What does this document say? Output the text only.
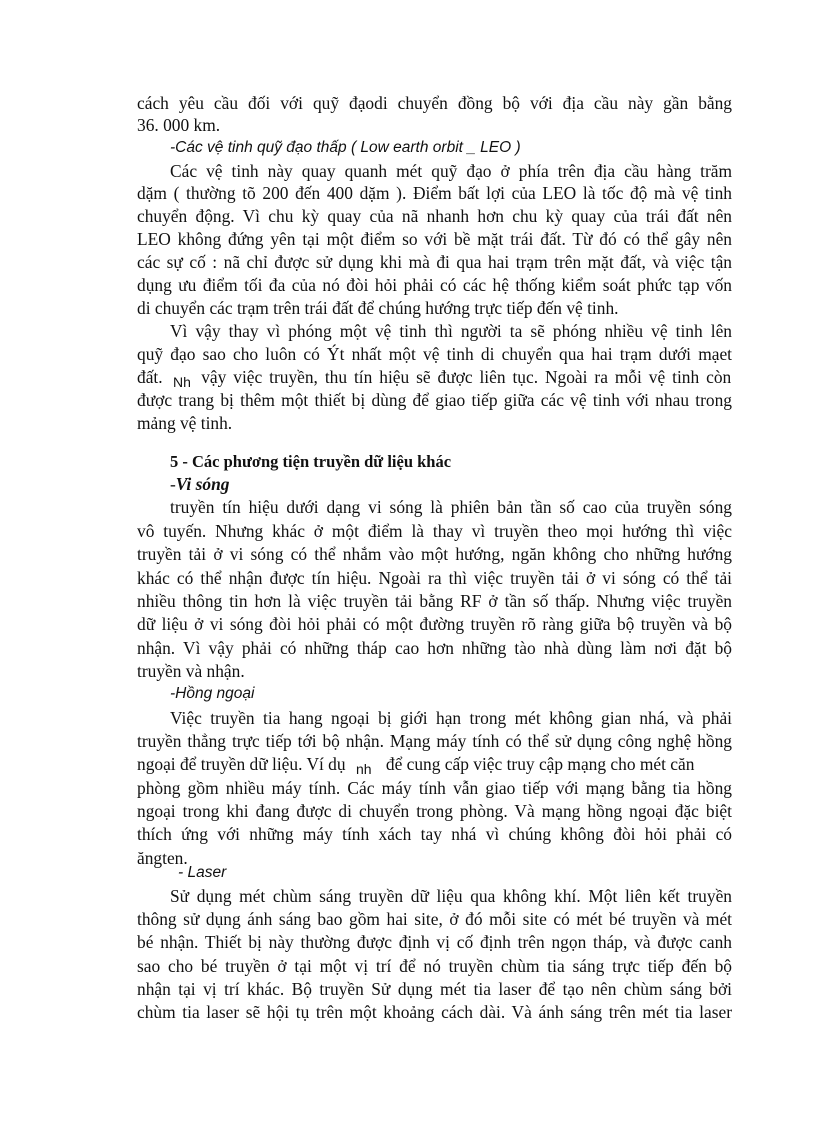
cách yêu cầu đối với quỹ đạodi chuyển đồng bộ với địa cầu này gần bằng
36. 000 km.
-Các vệ tinh quỹ đạo thấp ( Low earth orbit _ LEO )
Các vệ tinh này quay quanh mét quỹ đạo ở phía trên địa cầu hàng trăm
dặm ( thường tõ 200 đến 400 dặm ). Điểm bất lợi của LEO là tốc độ mà vệ tinh
chuyển động. Vì chu kỳ quay của nã nhanh hơn chu kỳ quay của trái đất nên
LEO không đứng yên tại một điểm so với bề mặt trái đất. Từ đó có thể gây nên
các sự cố : nã chỉ được sử dụng khi mà đi qua hai trạm trên mặt đất, và việc tận
dụng ưu điểm tối đa của nó đòi hỏi phải có các hệ thống kiểm soát phức tạp vốn
di chuyển các trạm trên trái đất để chúng hướng trực tiếp đến vệ tinh.
Vì vậy thay vì phóng một vệ tinh thì người ta sẽ phóng nhiều vệ tinh lên
quỹ đạo sao cho luôn có Ýt nhất một vệ tinh di chuyển qua hai trạm dưới mạet
đất. $_{Nh}$ vậy việc truyền, thu tín hiệu sẽ được liên tục. Ngoài ra mỗi vệ tinh còn
được trang bị thêm một thiết bị dùng để giao tiếp giữa các vệ tinh với nhau trong
mảng vệ tinh.
5 - Các phương tiện truyền dữ liệu khác
-Vi sóng
truyền tín hiệu dưới dạng vi sóng là phiên bản tần số cao của truyền sóng
vô tuyến. Nhưng khác ở một điểm là thay vì truyền theo mọi hướng thì việc
truyền tải ở vi sóng có thể nhắm vào một hướng, ngăn không cho những hướng
khác có thể nhận được tín hiệu. Ngoài ra thì việc truyền tải ở vi sóng có thể tải
nhiều thông tin hơn là việc truyền tải bằng RF ở tần số thấp. Nhưng việc truyền
dữ liệu ở vi sóng đòi hỏi phải có một đường truyền rõ ràng giữa bộ truyền và bộ
nhận. Vì vậy phải có những tháp cao hơn những tào nhà dùng làm nơi đặt bộ
truyền và nhận.
-Hồng ngoại
Việc truyền tia hang ngoại bị giới hạn trong mét không gian nhá, và phải
truyền thẳng trực tiếp tới bộ nhận. Mạng máy tính có thể sử dụng công nghệ hồng
ngoại để truyền dữ liệu. Ví dụ $_{nh}$ để cung cấp việc truy cập mạng cho mét căn
phòng gồm nhiều máy tính. Các máy tính vẫn giao tiếp với mạng bằng tia hồng
ngoại trong khi đang được di chuyển trong phòng. Và mạng hồng ngoại đặc biệt
thích ứng với những máy tính xách tay nhá vì chúng không đòi hỏi phải có
ăngten.
- Laser
Sử dụng mét chùm sáng truyền dữ liệu qua không khí. Một liên kết truyền
thông sử dụng ánh sáng bao gồm hai site, ở đó mỗi site có mét bé truyền và mét
bé nhận. Thiết bị này thường được định vị cố định trên ngọn tháp, và được canh
sao cho bé truyền ở tại một vị trí để nó truyền chùm tia sáng trực tiếp đến bộ
nhận tại vị trí khác. Bộ truyền Sử dụng mét tia laser để tạo nên chùm sáng bởi
chùm tia laser sẽ hội tụ trên một khoảng cách dài. Và ánh sáng trên mét tia laser
